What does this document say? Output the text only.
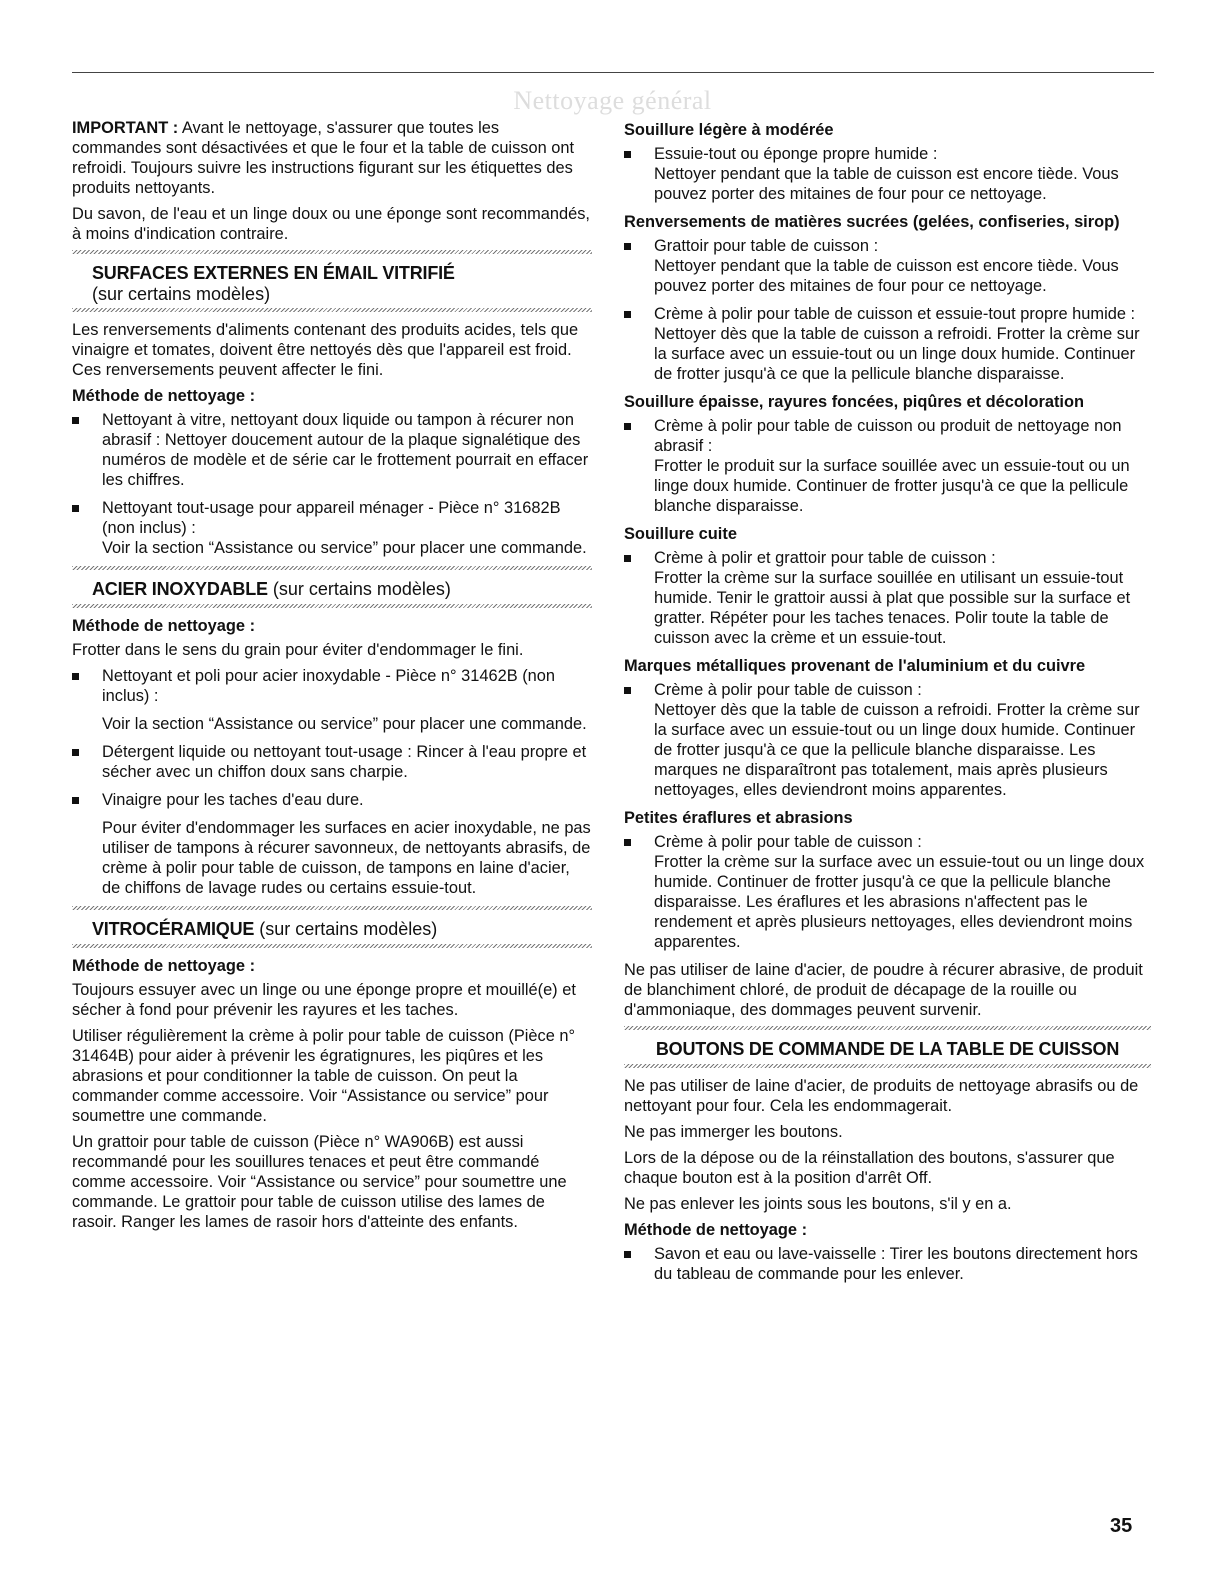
Nettoyage général

IMPORTANT : Avant le nettoyage, s'assurer que toutes les commandes sont désactivées et que le four et la table de cuisson ont refroidi. Toujours suivre les instructions figurant sur les étiquettes des produits nettoyants.

Du savon, de l'eau et un linge doux ou une éponge sont recommandés, à moins d'indication contraire.

SURFACES EXTERNES EN ÉMAIL VITRIFIÉ
(sur certains modèles)

Les renversements d'aliments contenant des produits acides, tels que vinaigre et tomates, doivent être nettoyés dès que l'appareil est froid. Ces renversements peuvent affecter le fini.

Méthode de nettoyage :
Nettoyant à vitre, nettoyant doux liquide ou tampon à récurer non abrasif : Nettoyer doucement autour de la plaque signalétique des numéros de modèle et de série car le frottement pourrait en effacer les chiffres.
Nettoyant tout-usage pour appareil ménager - Pièce n° 31682B (non inclus) :
Voir la section “Assistance ou service” pour placer une commande.
ACIER INOXYDABLE (sur certains modèles)
Méthode de nettoyage :

Frotter dans le sens du grain pour éviter d'endommager le fini.

Nettoyant et poli pour acier inoxydable - Pièce n° 31462B (non inclus) :
Voir la section “Assistance ou service” pour placer une commande.
Détergent liquide ou nettoyant tout-usage : Rincer à l'eau propre et sécher avec un chiffon doux sans charpie.
Vinaigre pour les taches d'eau dure.
Pour éviter d'endommager les surfaces en acier inoxydable, ne pas utiliser de tampons à récurer savonneux, de nettoyants abrasifs, de crème à polir pour table de cuisson, de tampons en laine d'acier, de chiffons de lavage rudes ou certains essuie-tout.
VITROCÉRAMIQUE (sur certains modèles)
Méthode de nettoyage :

Toujours essuyer avec un linge ou une éponge propre et mouillé(e) et sécher à fond pour prévenir les rayures et les taches.

Utiliser régulièrement la crème à polir pour table de cuisson (Pièce n° 31464B) pour aider à prévenir les égratignures, les piqûres et les abrasions et pour conditionner la table de cuisson. On peut la commander comme accessoire. Voir “Assistance ou service” pour soumettre une commande.

Un grattoir pour table de cuisson (Pièce n° WA906B) est aussi recommandé pour les souillures tenaces et peut être commandé comme accessoire. Voir “Assistance ou service” pour soumettre une commande. Le grattoir pour table de cuisson utilise des lames de rasoir. Ranger les lames de rasoir hors d'atteinte des enfants.

Souillure légère à modérée
Essuie-tout ou éponge propre humide :
Nettoyer pendant que la table de cuisson est encore tiède. Vous pouvez porter des mitaines de four pour ce nettoyage.
Renversements de matières sucrées (gelées, confiseries, sirop)
Grattoir pour table de cuisson :
Nettoyer pendant que la table de cuisson est encore tiède. Vous pouvez porter des mitaines de four pour ce nettoyage.
Crème à polir pour table de cuisson et essuie-tout propre humide :
Nettoyer dès que la table de cuisson a refroidi. Frotter la crème sur la surface avec un essuie-tout ou un linge doux humide. Continuer de frotter jusqu'à ce que la pellicule blanche disparaisse.
Souillure épaisse, rayures foncées, piqûres et décoloration
Crème à polir pour table de cuisson ou produit de nettoyage non abrasif :
Frotter le produit sur la surface souillée avec un essuie-tout ou un linge doux humide. Continuer de frotter jusqu'à ce que la pellicule blanche disparaisse.
Souillure cuite
Crème à polir et grattoir pour table de cuisson :
Frotter la crème sur la surface souillée en utilisant un essuie-tout humide. Tenir le grattoir aussi à plat que possible sur la surface et gratter. Répéter pour les taches tenaces. Polir toute la table de cuisson avec la crème et un essuie-tout.
Marques métalliques provenant de l'aluminium et du cuivre
Crème à polir pour table de cuisson :
Nettoyer dès que la table de cuisson a refroidi. Frotter la crème sur la surface avec un essuie-tout ou un linge doux humide. Continuer de frotter jusqu'à ce que la pellicule blanche disparaisse. Les marques ne disparaîtront pas totalement, mais après plusieurs nettoyages, elles deviendront moins apparentes.
Petites éraflures et abrasions
Crème à polir pour table de cuisson :
Frotter la crème sur la surface avec un essuie-tout ou un linge doux humide. Continuer de frotter jusqu'à ce que la pellicule blanche disparaisse. Les éraflures et les abrasions n'affectent pas le rendement et après plusieurs nettoyages, elles deviendront moins apparentes.

Ne pas utiliser de laine d'acier, de poudre à récurer abrasive, de produit de blanchiment chloré, de produit de décapage de la rouille ou d'ammoniaque, des dommages peuvent survenir.

BOUTONS DE COMMANDE DE LA TABLE DE CUISSON

Ne pas utiliser de laine d'acier, de produits de nettoyage abrasifs ou de nettoyant pour four. Cela les endommagerait.

Ne pas immerger les boutons.

Lors de la dépose ou de la réinstallation des boutons, s'assurer que chaque bouton est à la position d'arrêt Off.

Ne pas enlever les joints sous les boutons, s'il y en a.

Méthode de nettoyage :
Savon et eau ou lave-vaisselle : Tirer les boutons directement hors du tableau de commande pour les enlever.
35
